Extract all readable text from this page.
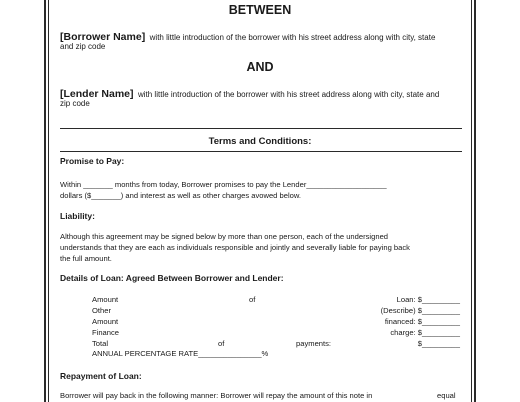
BETWEEN
[Borrower Name] with little introduction of the borrower with his street address along with city, state
and zip code
AND
[Lender Name] with little introduction of the borrower with his street address along with city, state and
zip code
Terms and Conditions:
Promise to Pay:
Within _______ months from today, Borrower promises to pay the Lender___________________
dollars ($_______) and interest as well as other charges avowed below.
Liability:
Although this agreement may be signed below by more than one person, each of the undersigned
understands that they are each as individuals responsible and jointly and severally liable for paying back
the full amount.
Details of Loan: Agreed Between Borrower and Lender:
Amount	of	Loan: $_________
Other	(Describe) $_________
Amount	financed: $_________
Finance	charge: $_________
Total	of	payments:	$_________
ANNUAL PERCENTAGE RATE_______________%
Repayment of Loan:
Borrower will pay back in the following manner: Borrower will repay the amount of this note in	equal
